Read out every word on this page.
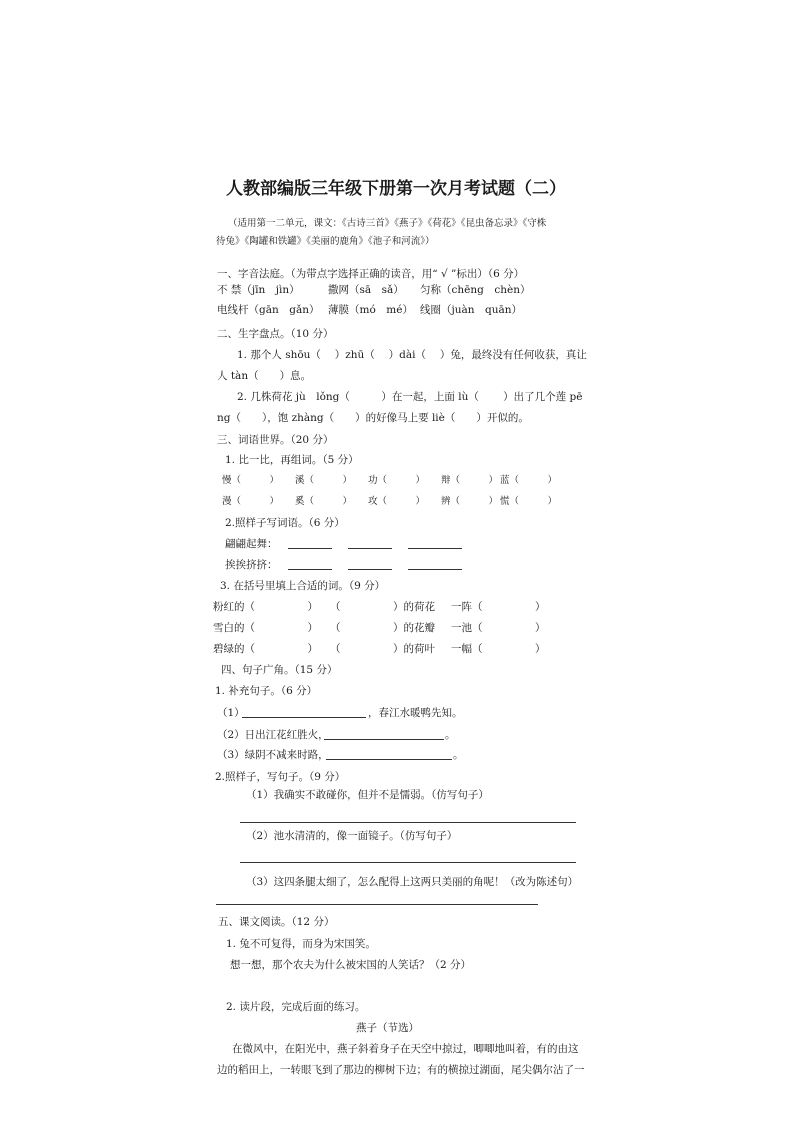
人教部编版三年级下册第一次月考试题（二）
（适用第一二单元，课文：《古诗三首》《燕子》《荷花》《昆虫备忘录》《守株
待兔》《陶罐和铁罐》《美丽的鹿角》《池子和河流》）
一、字音法庭。（为带点字选择正确的读音，用“ √ ”标出）（6 分）
不 禁（jīn　jìn）	撒网（sā　sǎ） 匀称（chēng　chèn）
电线杆（gān　gǎn） 薄膜（mó　mé） 线圈（juàn　quān）
二、生字盘点。（10 分）
1. 那个人 shōu（　 ）zhū（　 ）dài（　 ）兔，最终没有任何收获，真让
人 tàn（　　）息。
2. 几株荷花 jù　lǒng（　　　）在一起，上面 lù（　　 ）出了几个莲 pē
ng（　　），饱 zhàng（　　）的好像马上要 liè（　　）开似的。
三、词语世界。（20 分）
1. 比一比，再组词。（5 分）
慢（　　　） 溪（　　　） 功（　　　） 辩（　　　） 蓝（　　　）
漫（　　　） 奚（　　　） 攻（　　　） 辨（　　　） 慌（　　　）
2.照样子写词语。（6 分）
翩翩起舞：
挨挨挤挤：
3. 在括号里填上合适的词。（9 分）
粉红的（　　　　　） （　　　　　）的荷花 一阵（　　　　　）
雪白的（　　　　　） （　　　　　）的花瓣 一池（　　　　　）
碧绿的（　　　　　） （　　　　　）的荷叶 一幅（　　　　　）
四、句子广角。（15 分）
1. 补充句子。（6 分）
（1）	，春江水暖鸭先知。
（2）日出江花红胜火，	。
（3）绿阴不减来时路，	。
2.照样子，写句子。（9 分）
（1）我确实不敢碰你，但并不是懦弱。（仿写句子）
（2）池水清清的，像一面镜子。（仿写句子）
（3）这四条腿太细了，怎么配得上这两只美丽的角呢！（改为陈述句）
五、课文阅读。（12 分）
1. 兔不可复得，而身为宋国笑。
想一想，那个农夫为什么被宋国的人笑话？（2 分）
2. 读片段，完成后面的练习。
燕子（节选）
在微风中，在阳光中，燕子斜着身子在天空中掠过，唧唧地叫着，有的由这
边的稻田上，一转眼飞到了那边的柳树下边；有的横掠过湖面，尾尖偶尔沾了一
